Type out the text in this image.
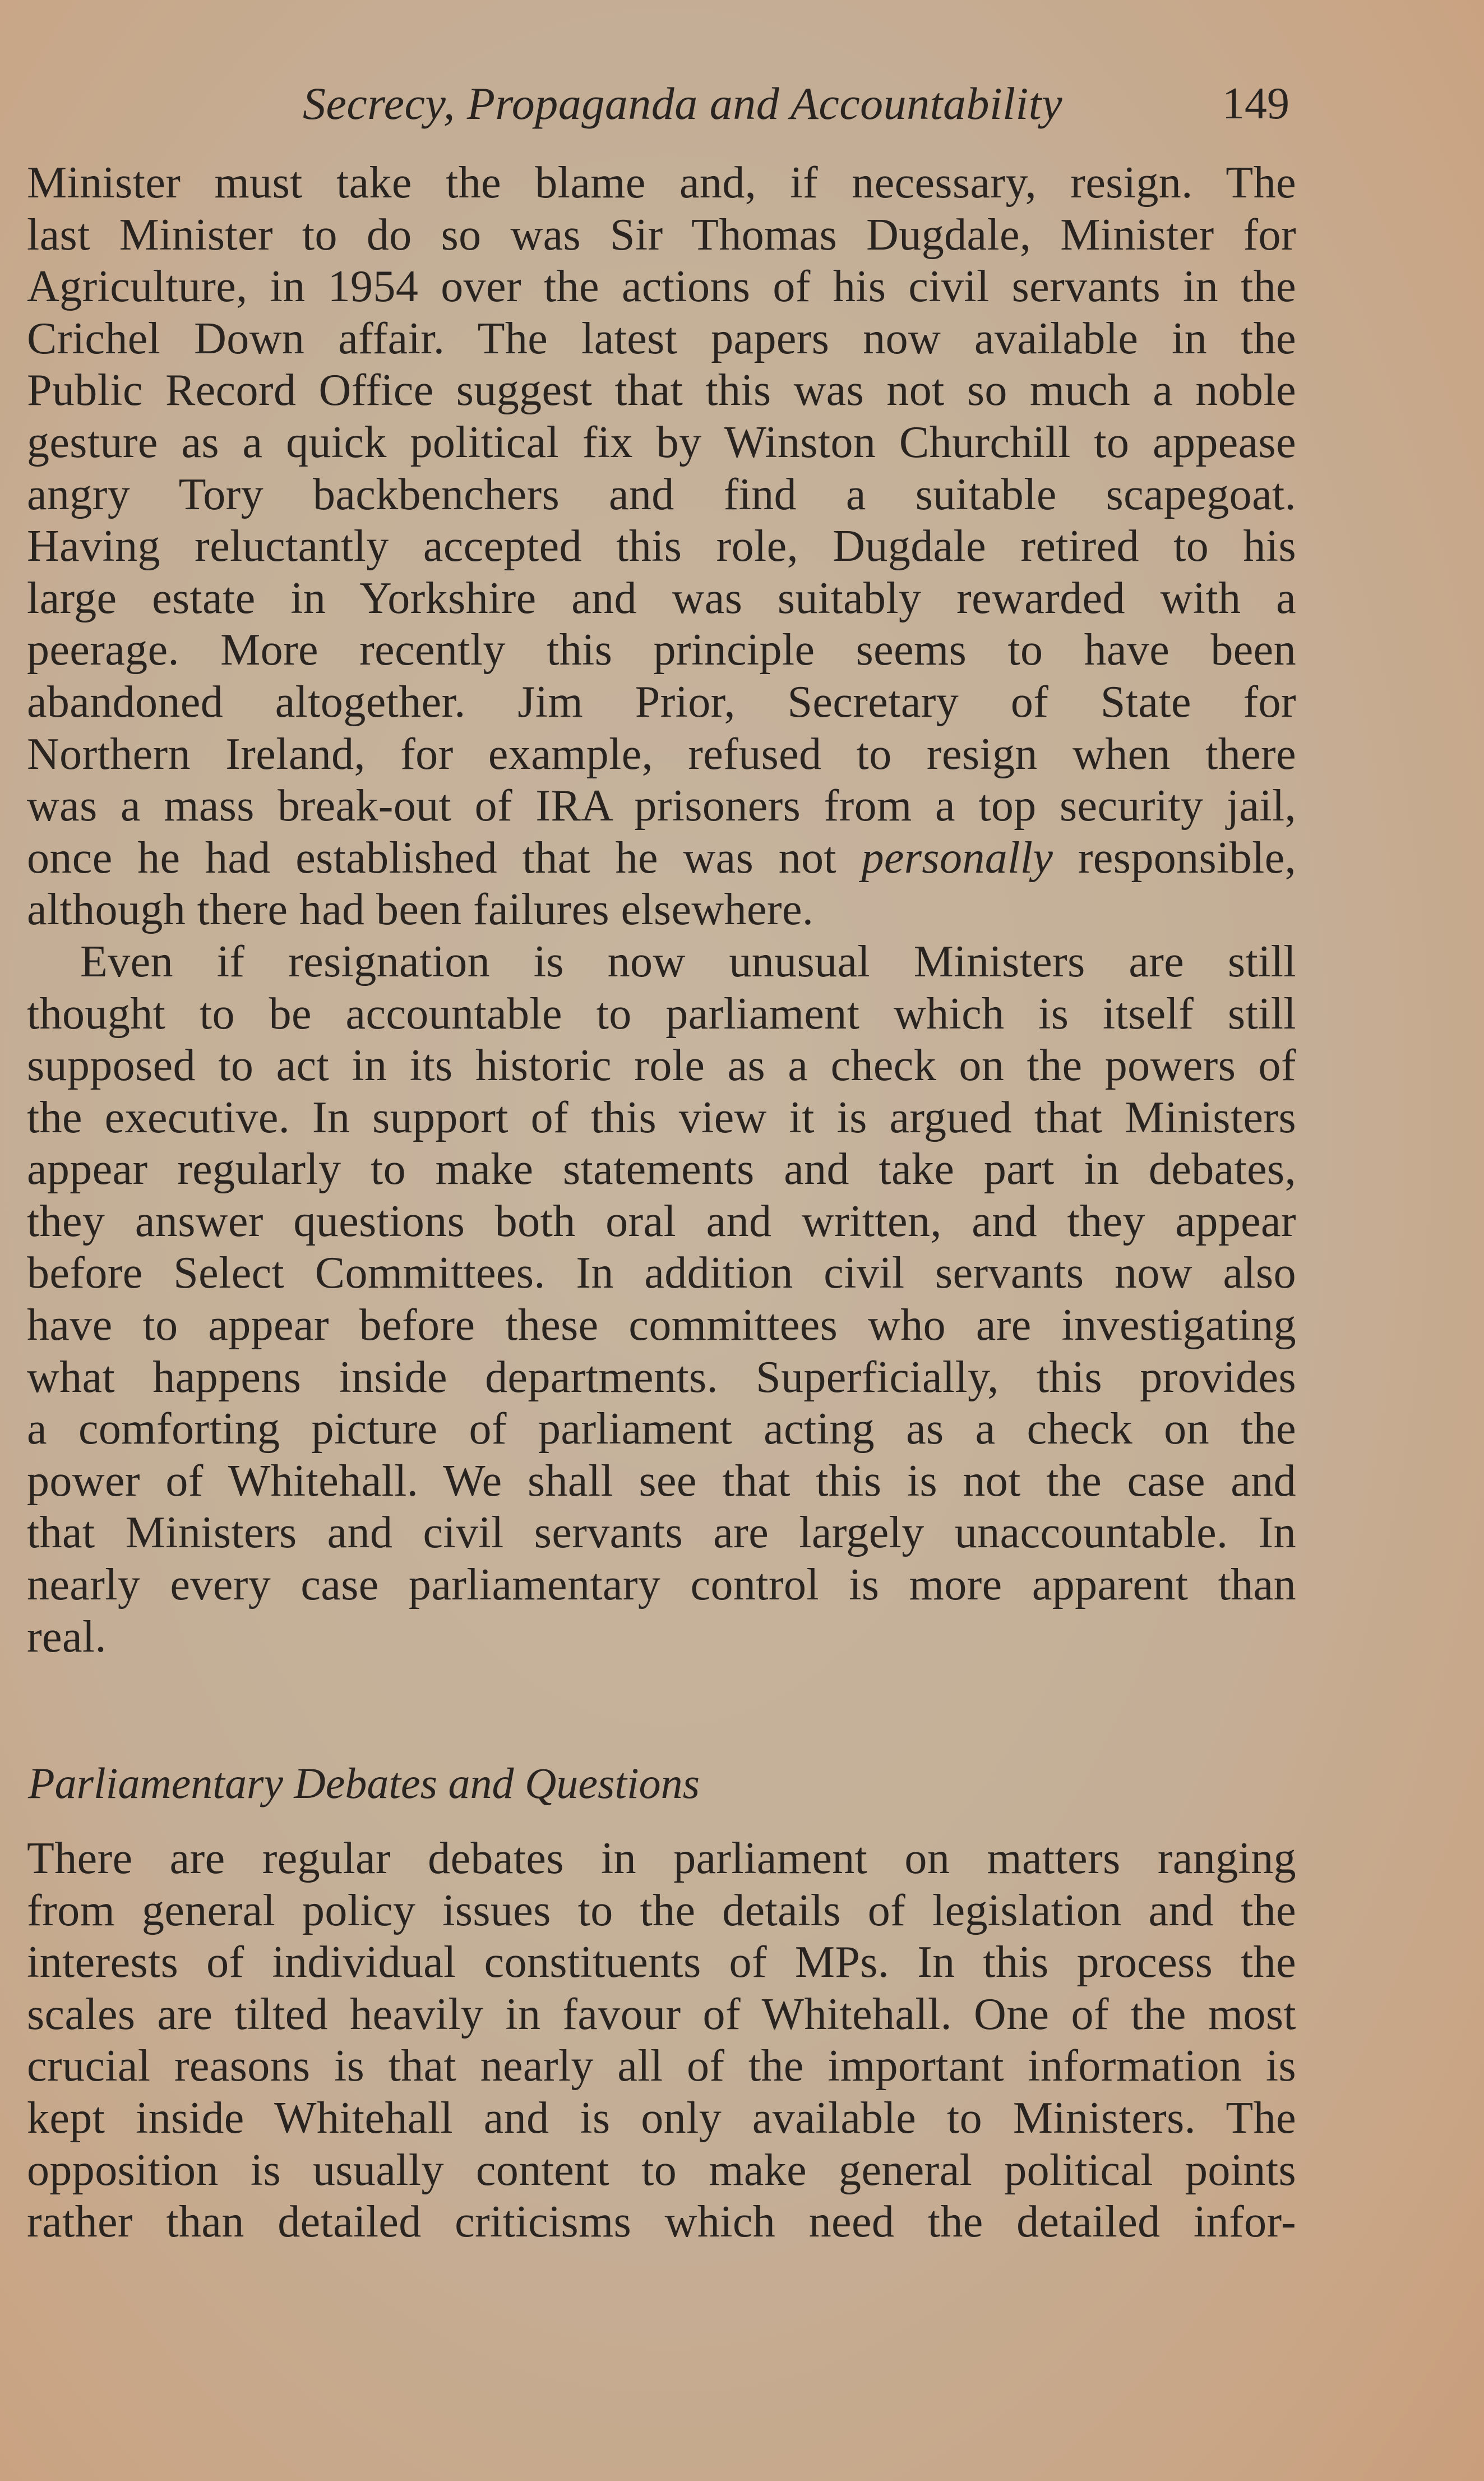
Secrecy, Propaganda and Accountability	149
Minister must take the blame and, if necessary, resign. The
last Minister to do so was Sir Thomas Dugdale, Minister for
Agriculture, in 1954 over the actions of his civil servants in the
Crichel Down affair. The latest papers now available in the
Public Record Office suggest that this was not so much a noble
gesture as a quick political fix by Winston Churchill to appease
angry Tory backbenchers and find a suitable scapegoat.
Having reluctantly accepted this role, Dugdale retired to his
large estate in Yorkshire and was suitably rewarded with a
peerage. More recently this principle seems to have been
abandoned altogether. Jim Prior, Secretary of State for
Northern Ireland, for example, refused to resign when there
was a mass break-out of IRA prisoners from a top security jail,
once he had established that he was not personally responsible,
although there had been failures elsewhere.
Even if resignation is now unusual Ministers are still
thought to be accountable to parliament which is itself still
supposed to act in its historic role as a check on the powers of
the executive. In support of this view it is argued that Ministers
appear regularly to make statements and take part in debates,
they answer questions both oral and written, and they appear
before Select Committees. In addition civil servants now also
have to appear before these committees who are investigating
what happens inside departments. Superficially, this provides
a comforting picture of parliament acting as a check on the
power of Whitehall. We shall see that this is not the case and
that Ministers and civil servants are largely unaccountable. In
nearly every case parliamentary control is more apparent than
real.
Parliamentary Debates and Questions
There are regular debates in parliament on matters ranging
from general policy issues to the details of legislation and the
interests of individual constituents of MPs. In this process the
scales are tilted heavily in favour of Whitehall. One of the most
crucial reasons is that nearly all of the important information is
kept inside Whitehall and is only available to Ministers. The
opposition is usually content to make general political points
rather than detailed criticisms which need the detailed infor-
